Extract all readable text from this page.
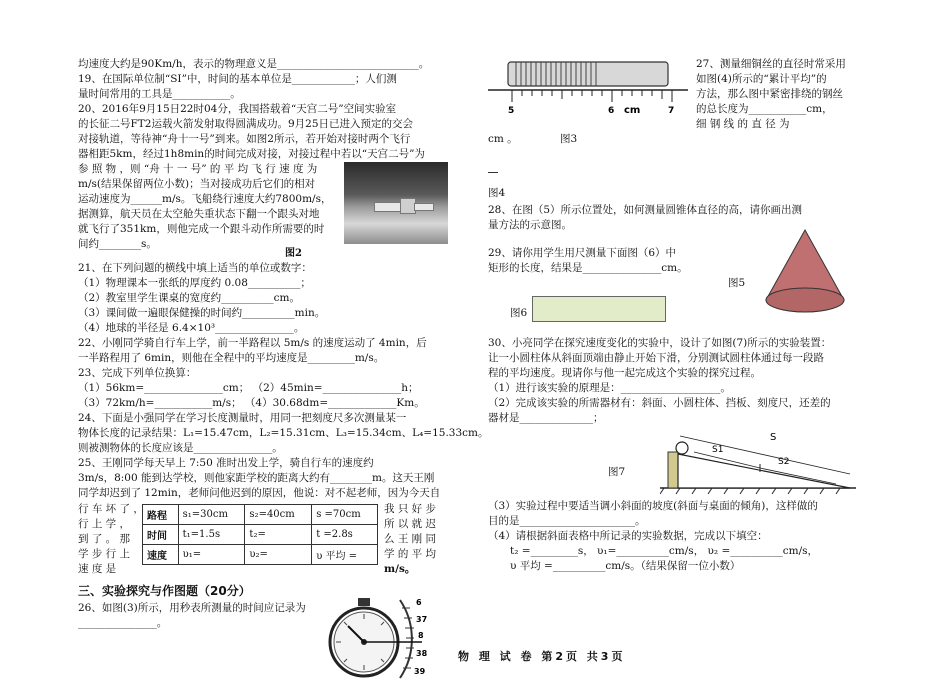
均速度大约是90Km/h，表示的物理意义是___________________________。
19、在国际单位制“SI”中，时间的基本单位是____________；人们测
量时间常用的工具是___________。
20、2016年9月15日22时04分，我国搭载着“天宫二号”空间实验室
的长征二号FT2运载火箭发射取得圆满成功。9月25日已进入预定的交会
对接轨道，等待神“舟十一号”到来。如图2所示，若开始对接时两个飞行
器相距5km，经过1h8min的时间完成对接，对接过程中若以“天宫二号”为
参 照 物 ，则 “舟 十 一 号” 的 平 均 飞 行 速 度 为
m/s(结果保留两位小数)；当对接成功后它们的相对
运动速度为______m/s。飞船绕行速度大约7800m/s，
据测算，航天员在太空舱失重状态下翻一个跟头对地
就飞行了351km，则他完成一个跟斗动作所需要的时
间约________s。
图2
21、在下列问题的横线中填上适当的单位或数字：
（1）物理课本一张纸的厚度约 0.08__________；
（2）教室里学生课桌的宽度约__________cm。
（3）课间做一遍眼保健操的时间约__________min。
（4）地球的半径是 6.4×10³_______________。
22、小刚同学骑自行车上学，前一半路程以 5m/s 的速度运动了 4min，后
一半路程用了 6min，则他在全程中的平均速度是_________m/s。
23、完成下列单位换算：
（1）56km=_______________cm； （2）45min=_______________h；
（3）72km/h=___________m/s； （4）30.68dm=_____________Km。
24、下面是小强同学在学习长度测量时，用同一把刻度尺多次测量某一
物体长度的记录结果：L₁=15.47cm，L₂=15.31cm、L₃=15.34cm、L₄=15.33cm。
则被测物体的长度应该是_______________。
25、王刚同学每天早上 7:50 准时出发上学，骑自行车的速度约
3m/s，8:00 能到达学校，则他家距学校的距离大约有________m。这天王刚
同学却迟到了 12min，老师问他迟到的原因，他说：对不起老师，因为今天自
行 车 坏 了 ，
行 上 学 ，
到 了 。 那
学 步 行 上
速 度 是
我 只 好 步
所 以 就 迟
么 王 刚 同
学 的 平 均
m/s。
路程	s₁=30cm	s₂=40cm	s =70cm
时间	t₁=1.5s	t₂=	t =2.8s
速度	υ₁=	υ₂=	υ 平均 =
三、实验探究与作图题（20分）
26、如图(3)所示，用秒表所测量的时间应记录为
_______________。
6
37
8
38
39
5	6 cm	7
27、测量细铜丝的直径时常采用
如图(4)所示的“累计平均”的
方法，那么图中紧密排绕的钢丝
的总长度为___________cm，
细 钢 线 的 直 径 为
cm 。	图3
图4
28、在图（5）所示位置处，如何测量圆锥体直径的高，请你画出测
量方法的示意图。
29、请你用学生用尺测量下面图（6）中
矩形的长度，结果是_______________cm。
图5
图6
30、小亮同学在探究速度变化的实验中，设计了如图(7)所示的实验装置：
让一小圆柱体从斜面顶端由静止开始下滑，分别测试圆柱体通过每一段路
程的平均速度。现请你与他一起完成这个实验的探究过程。
（1）进行该实验的原理是：___________________。
（2）完成该实验的所需器材有：斜面、小圆柱体、挡板、刻度尺，还差的
器材是______________；
S
S1
S2
图7
（3）实验过程中要适当调小斜面的坡度(斜面与桌面的倾角)，这样做的
目的是______________________。
（4）请根据斜面表格中所记录的实验数据，完成以下填空：
t₂ =_________s， υ₁=__________cm/s， υ₂ =__________cm/s，
υ 平均 =__________cm/s。（结果保留一位小数）
物 理 试 卷 第2页 共3页
